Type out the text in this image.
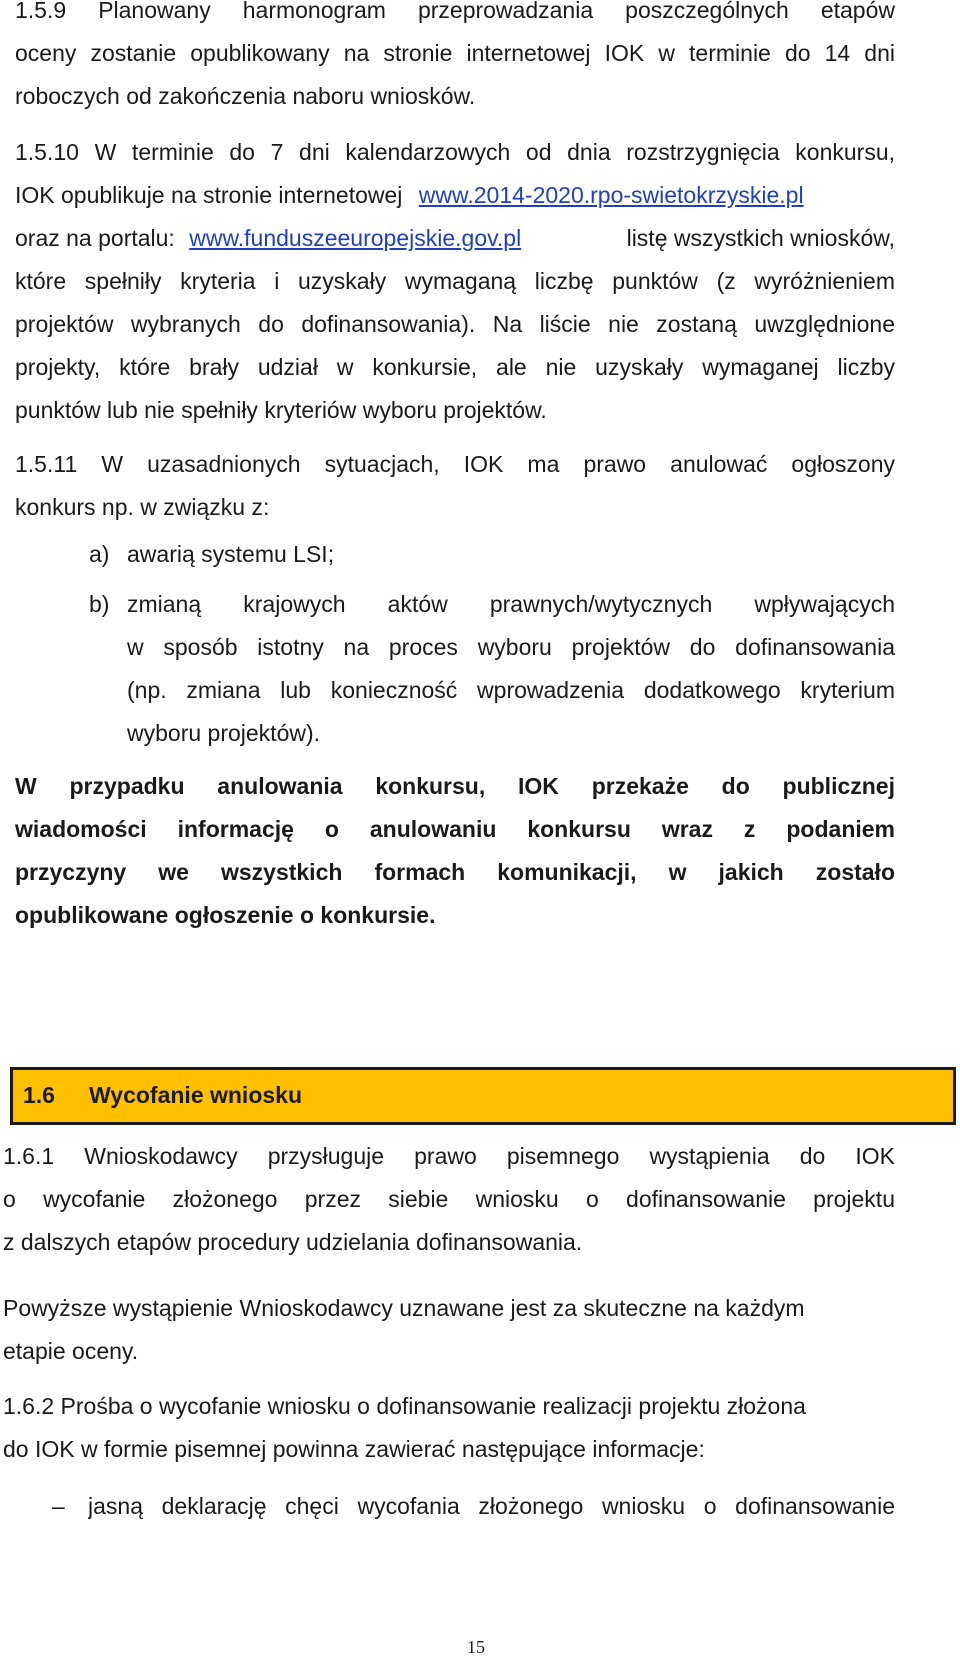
1.5.9 Planowany harmonogram przeprowadzania poszczególnych etapów
oceny zostanie opublikowany na stronie internetowej IOK w terminie do 14 dni
roboczych od zakończenia naboru wniosków.
1.5.10 W terminie do 7 dni kalendarzowych od dnia rozstrzygnięcia konkursu,
IOK opublikuje na stronie internetowej www.2014-2020.rpo-swietokrzyskie.pl
oraz na portalu: www.funduszeeuropejskie.gov.pl	listę wszystkich wniosków,
które spełniły kryteria i uzyskały wymaganą liczbę punktów (z wyróżnieniem
projektów wybranych do dofinansowania). Na liście nie zostaną uwzględnione
projekty, które brały udział w konkursie, ale nie uzyskały wymaganej liczby
punktów lub nie spełniły kryteriów wyboru projektów.
1.5.11 W uzasadnionych sytuacjach, IOK ma prawo anulować ogłoszony
konkurs np. w związku z:
a) awarią systemu LSI;
b) zmianą krajowych aktów prawnych/wytycznych wpływających
w sposób istotny na proces wyboru projektów do dofinansowania
(np. zmiana lub konieczność wprowadzenia dodatkowego kryterium
wyboru projektów).
W przypadku anulowania konkursu, IOK przekaże do publicznej
wiadomości informację o anulowaniu konkursu wraz z podaniem
przyczyny we wszystkich formach komunikacji, w jakich zostało
opublikowane ogłoszenie o konkursie.
1.6 Wycofanie wniosku
1.6.1 Wnioskodawcy przysługuje prawo pisemnego wystąpienia do IOK
o wycofanie złożonego przez siebie wniosku o dofinansowanie projektu
z dalszych etapów procedury udzielania dofinansowania.
Powyższe wystąpienie Wnioskodawcy uznawane jest za skuteczne na każdym
etapie oceny.
1.6.2 Prośba o wycofanie wniosku o dofinansowanie realizacji projektu złożona
do IOK w formie pisemnej powinna zawierać następujące informacje:
– jasną deklarację chęci wycofania złożonego wniosku o dofinansowanie
15
